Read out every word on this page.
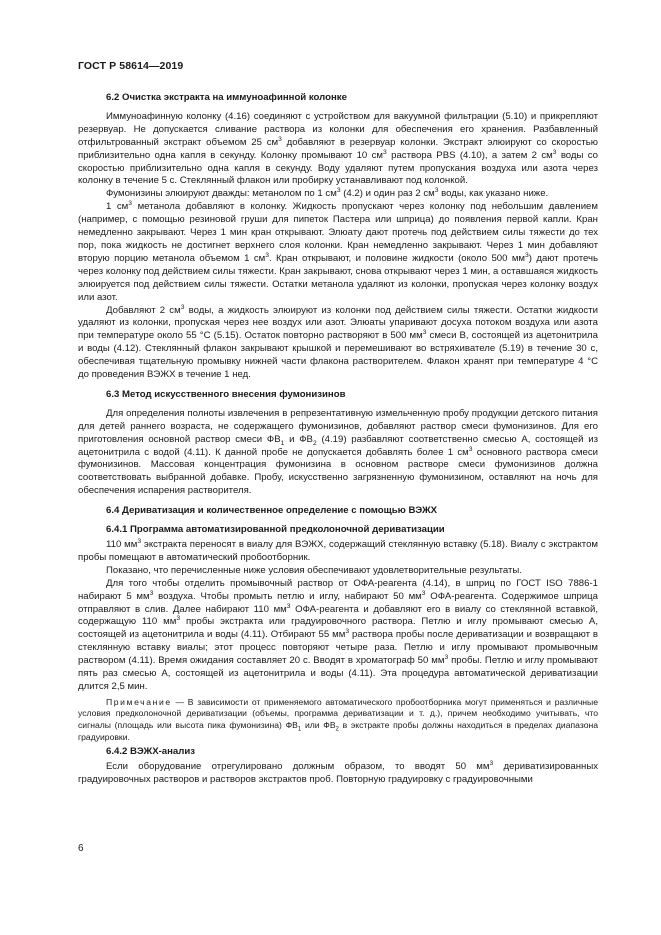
ГОСТ Р 58614—2019
6.2 Очистка экстракта на иммуноафинной колонке

Иммуноафинную колонку (4.16) соединяют с устройством для вакуумной фильтрации (5.10) и прикрепляют резервуар. Не допускается сливание раствора из колонки для обеспечения его хранения. Разбавленный отфильтрованный экстракт объемом 25 $см^3$ добавляют в резервуар колонки. Экстракт элюируют со скоростью приблизительно одна капля в секунду. Колонку промывают 10 $см^3$ раствора PBS (4.10), а затем 2 $см^3$ воды со скоростью приблизительно одна капля в секунду. Воду удаляют путем пропускания воздуха или азота через колонку в течение 5 с. Стеклянный флакон или пробирку устанавливают под колонкой.

Фумонизины элюируют дважды: метанолом по 1 $см^3$ (4.2) и один раз 2 $см^3$ воды, как указано ниже.

1 $см^3$ метанола добавляют в колонку. Жидкость пропускают через колонку под небольшим давлением (например, с помощью резиновой груши для пипеток Пастера или шприца) до появления первой капли. Кран немедленно закрывают. Через 1 мин кран открывают. Элюату дают протечь под действием силы тяжести до тех пор, пока жидкость не достигнет верхнего слоя колонки. Кран немедленно закрывают. Через 1 мин добавляют вторую порцию метанола объемом 1 $см^3$. Кран открывают, и половине жидкости (около 500 $мм^3$) дают протечь через колонку под действием силы тяжести. Кран закрывают, снова открывают через 1 мин, а оставшаяся жидкость элюируется под действием силы тяжести. Остатки метанола удаляют из колонки, пропуская через колонку воздух или азот.

Добавляют 2 $см^3$ воды, а жидкость элюируют из колонки под действием силы тяжести. Остатки жидкости удаляют из колонки, пропуская через нее воздух или азот. Элюаты упаривают досуха потоком воздуха или азота при температуре около 55 °С (5.15). Остаток повторно растворяют в 500 $мм^3$ смеси В, состоящей из ацетонитрила и воды (4.12). Стеклянный флакон закрывают крышкой и перемешивают во встряхивателе (5.19) в течение 30 с, обеспечивая тщательную промывку нижней части флакона растворителем. Флакон хранят при температуре 4 °С до проведения ВЭЖХ в течение 1 нед.

6.3 Метод искусственного внесения фумонизинов

Для определения полноты извлечения в репрезентативную измельченную пробу продукции детского питания для детей раннего возраста, не содержащего фумонизинов, добавляют раствор смеси фумонизинов. Для его приготовления основной раствор смеси $ФВ_1$ и $ФВ_2$ (4.19) разбавляют соответственно смесью А, состоящей из ацетонитрила с водой (4.11). К данной пробе не допускается добавлять более 1 $см^3$ основного раствора смеси фумонизинов. Массовая концентрация фумонизина в основном растворе смеси фумонизинов должна соответствовать выбранной добавке. Пробу, искусственно загрязненную фумонизином, оставляют на ночь для обеспечения испарения растворителя.

6.4 Дериватизация и количественное определение с помощью ВЭЖХ
6.4.1 Программа автоматизированной предколоночной дериватизации

110 $мм^3$ экстракта переносят в виалу для ВЭЖХ, содержащий стеклянную вставку (5.18). Виалу с экстрактом пробы помещают в автоматический пробоотборник.

Показано, что перечисленные ниже условия обеспечивают удовлетворительные результаты.

Для того чтобы отделить промывочный раствор от ОФА-реагента (4.14), в шприц по ГОСТ ISO 7886-1 набирают 5 $мм^3$ воздуха. Чтобы промыть петлю и иглу, набирают 50 $мм^3$ ОФА-реагента. Содержимое шприца отправляют в слив. Далее набирают 110 $мм^3$ ОФА-реагента и добавляют его в виалу со стеклянной вставкой, содержащую 110 $мм^3$ пробы экстракта или градуировочного раствора. Петлю и иглу промывают смесью А, состоящей из ацетонитрила и воды (4.11). Отбирают 55 $мм^3$ раствора пробы после дериватизации и возвращают в стеклянную вставку виалы; этот процесс повторяют четыре раза. Петлю и иглу промывают промывочным раствором (4.11). Время ожидания составляет 20 с. Вводят в хроматограф 50 $мм^3$ пробы. Петлю и иглу промывают пять раз смесью А, состоящей из ацетонитрила и воды (4.11). Эта процедура автоматической дериватизации длится 2,5 мин.

Примечание — В зависимости от применяемого автоматического пробоотборника могут применяться и различные условия предколоночной дериватизации (объемы, программа дериватизации и т. д.), причем необходимо учитывать, что сигналы (площадь или высота пика фумонизина) $ФВ_1$ или $ФВ_2$ в экстракте пробы должны находиться в пределах диапазона градуировки.

6.4.2 ВЭЖХ-анализ

Если оборудование отрегулировано должным образом, то вводят 50 $мм^3$ дериватизированных градуировочных растворов и растворов экстрактов проб. Повторную градуировку с градуировочными

6
